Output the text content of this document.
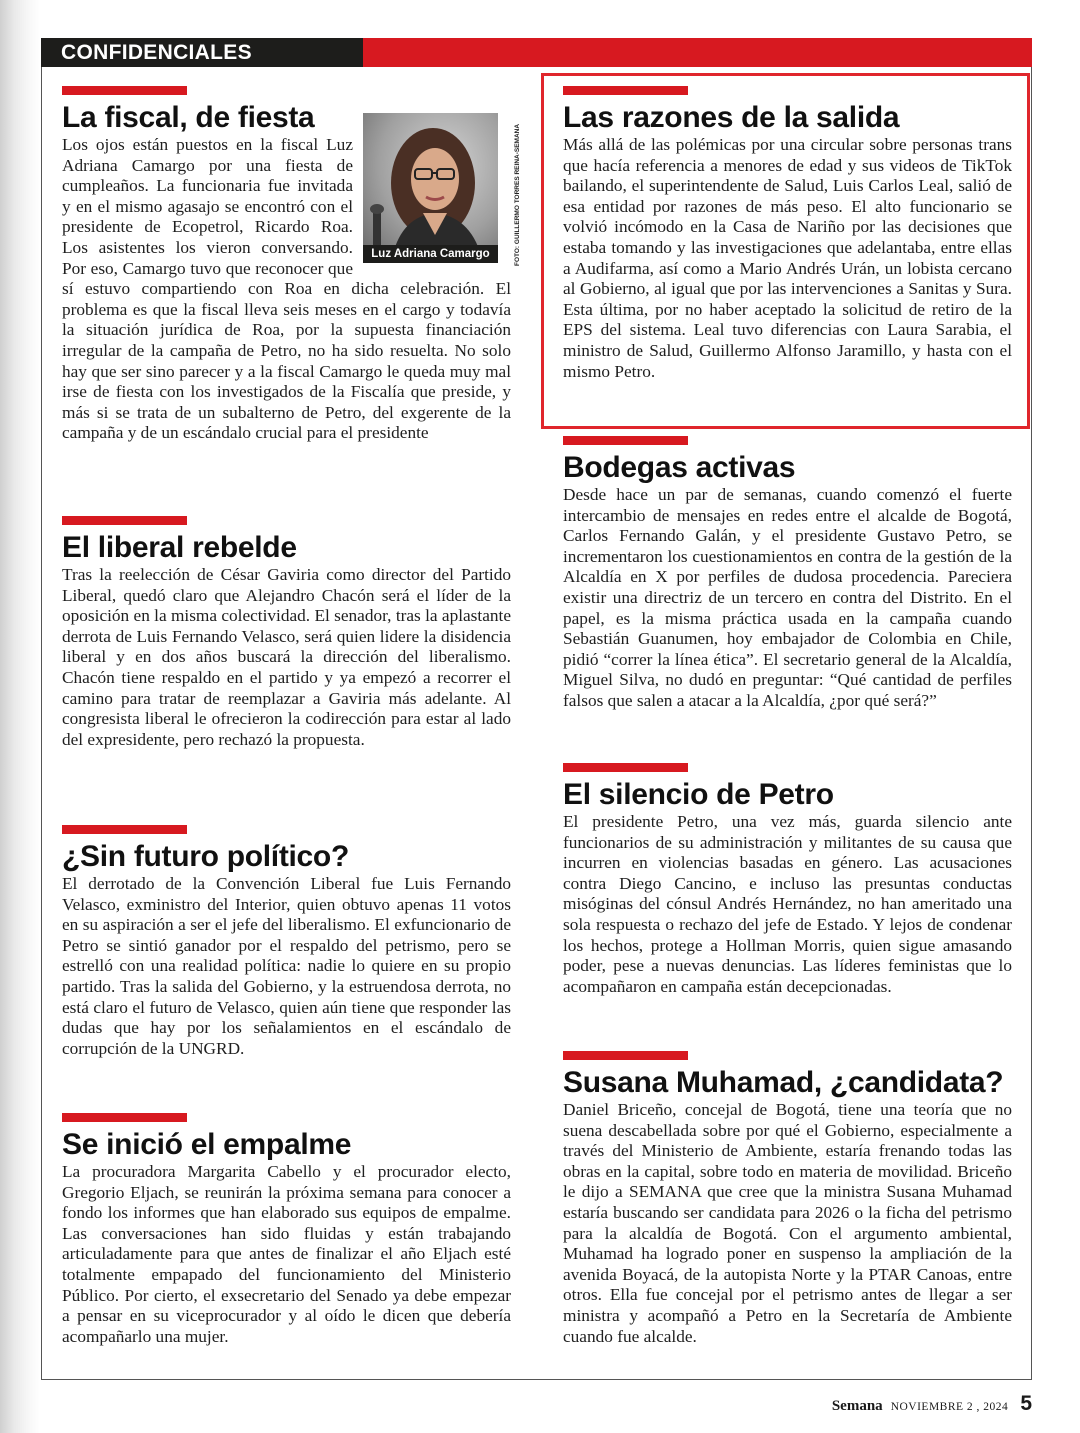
CONFIDENCIALES
La fiscal, de fiesta
Luz Adriana Camargo	FOTO: GUILLERMO TORRES REINA-SEMANA

Los ojos están puestos en la fiscal Luz Adriana Camargo por una fiesta de cumpleaños. La funcionaria fue invitada y en el mismo agasajo se encontró con el presidente de Ecopetrol, Ricardo Roa. Los asistentes los vieron conversando. Por eso, Camargo tuvo que reconocer que sí estuvo compartiendo con Roa en dicha celebración. El problema es que la fiscal lleva seis meses en el cargo y todavía la situación jurídica de Roa, por la supuesta financiación irregular de la campaña de Petro, no ha sido resuelta. No solo hay que ser sino parecer y a la fiscal Camargo le queda muy mal irse de fiesta con los investigados de la Fiscalía que preside, y más si se trata de un subalterno de Petro, del exgerente de la campaña y de un escándalo crucial para el presidente

El liberal rebelde

Tras la reelección de César Gaviria como director del Partido Liberal, quedó claro que Alejandro Chacón será el líder de la oposición en la misma colectividad. El senador, tras la aplastante derrota de Luis Fernando Velasco, será quien lidere la disidencia liberal y en dos años buscará la dirección del liberalismo. Chacón tiene respaldo en el partido y ya empezó a recorrer el camino para tratar de reemplazar a Gaviria más adelante. Al congresista liberal le ofrecieron la codirección para estar al lado del expresidente, pero rechazó la propuesta.

¿Sin futuro político?

El derrotado de la Convención Liberal fue Luis Fernando Velasco, exministro del Interior, quien obtuvo apenas 11 votos en su aspiración a ser el jefe del liberalismo. El exfuncionario de Petro se sintió ganador por el respaldo del petrismo, pero se estrelló con una realidad política: nadie lo quiere en su propio partido. Tras la salida del Gobierno, y la estruendosa derrota, no está claro el futuro de Velasco, quien aún tiene que responder las dudas que hay por los señalamientos en el escándalo de corrupción de la UNGRD.

Se inició el empalme

La procuradora Margarita Cabello y el procurador electo, Gregorio Eljach, se reunirán la próxima semana para conocer a fondo los informes que han elaborado sus equipos de empalme. Las conversaciones han sido fluidas y están trabajando articuladamente para que antes de finalizar el año Eljach esté totalmente empapado del funcionamiento del Ministerio Público. Por cierto, el exsecretario del Senado ya debe empezar a pensar en su viceprocurador y al oído le dicen que debería acompañarlo una mujer.

Las razones de la salida

Más allá de las polémicas por una circular sobre personas trans que hacía referencia a menores de edad y sus videos de TikTok bailando, el superintendente de Salud, Luis Carlos Leal, salió de esa entidad por razones de más peso. El alto funcionario se volvió incómodo en la Casa de Nariño por las decisiones que estaba tomando y las investigaciones que adelantaba, entre ellas a Audifarma, así como a Mario Andrés Urán, un lobista cercano al Gobierno, al igual que por las intervenciones a Sanitas y Sura. Esta última, por no haber aceptado la solicitud de retiro de la EPS del sistema. Leal tuvo diferencias con Laura Sarabia, el ministro de Salud, Guillermo Alfonso Jaramillo, y hasta con el mismo Petro.

Bodegas activas

Desde hace un par de semanas, cuando comenzó el fuerte intercambio de mensajes en redes entre el alcalde de Bogotá, Carlos Fernando Galán, y el presidente Gustavo Petro, se incrementaron los cuestionamientos en contra de la gestión de la Alcaldía en X por perfiles de dudosa procedencia. Pareciera existir una directriz de un tercero en contra del Distrito. En el papel, es la misma práctica usada en la campaña cuando Sebastián Guanumen, hoy embajador de Colombia en Chile, pidió “correr la línea ética”. El secretario general de la Alcaldía, Miguel Silva, no dudó en preguntar: “Qué cantidad de perfiles falsos que salen a atacar a la Alcaldía, ¿por qué será?”

El silencio de Petro

El presidente Petro, una vez más, guarda silencio ante funcionarios de su administración y militantes de su causa que incurren en violencias basadas en género. Las acusaciones contra Diego Cancino, e incluso las presuntas conductas misóginas del cónsul Andrés Hernández, no han ameritado una sola respuesta o rechazo del jefe de Estado. Y lejos de condenar los hechos, protege a Hollman Morris, quien sigue amasando poder, pese a nuevas denuncias. Las líderes feministas que lo acompañaron en campaña están decepcionadas.

Susana Muhamad, ¿candidata?

Daniel Briceño, concejal de Bogotá, tiene una teoría que no suena descabellada sobre por qué el Gobierno, especialmente a través del Ministerio de Ambiente, estaría frenando todas las obras en la capital, sobre todo en materia de movilidad. Briceño le dijo a SEMANA que cree que la ministra Susana Muhamad estaría buscando ser candidata para 2026 o la ficha del petrismo para la alcaldía de Bogotá. Con el argumento ambiental, Muhamad ha logrado poner en suspenso la ampliación de la avenida Boyacá, de la autopista Norte y la PTAR Canoas, entre otros. Ella fue concejal por el petrismo antes de llegar a ser ministra y acompañó a Petro en la Secretaría de Ambiente cuando fue alcalde.

Semana NOVIEMBRE 2 , 2024 5
